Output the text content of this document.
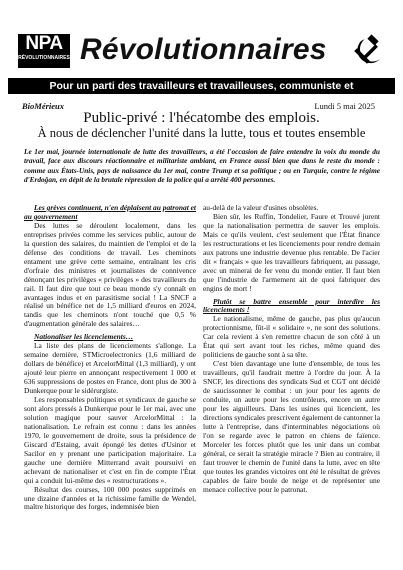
NPA
RÉVOLUTIONNAIRES Révolutionnaires
Pour un parti des travailleurs et travailleuses, communiste et internationaliste
BioMérieux	Lundi 5 mai 2025
Public-privé : l'hécatombe des emplois.
À nous de déclencher l'unité dans la lutte, tous et toutes ensemble
Le 1er mai, journée internationale de lutte des travailleurs, a été l'occasion de faire entendre la voix du monde du travail, face aux discours réactionnaire et militariste ambiant, en France aussi bien que dans le reste du monde : comme aux États-Unis, pays de naissance du 1er mai, contre Trump et sa politique ; ou en Turquie, contre le régime d'Erdoğan, en dépit de la brutale répression de la police qui a arrêté 400 personnes.

Les grèves continuent, n'en déplaisent au patronat et au gouvernement

Des luttes se déroulent localement, dans les entreprises privées comme les services public, autour de la question des salaires, du maintien de l'emploi et de la défense des conditions de travail. Les cheminots entament une grève cette semaine, entraînant les cris d'orfraie des ministres et journalistes de connivence dénonçant les privilèges « privilèges » des travailleurs du rail. Il faut dire que tout ce beau monde s'y connaît en avantages indus et en parasitisme social ! La SNCF a réalisé un bénéfice net de 1,5 milliard d'euros en 2024, tandis que les cheminots n'ont touché que 0,5 % d'augmentation générale des salaires…

Nationaliser les licenciements…

La liste des plans de licenciements s'allonge. La semaine dernière, STMicroelectronics (1,6 milliard de dollars de bénéfice) et ArcelorMittal (1,3 milliard), y ont ajouté leur pierre en annonçant respectivement 1 000 et 636 suppressions de postes en France, dont plus de 300 à Dunkerque pour le sidérurgiste.

Les responsables politiques et syndicaux de gauche se sont alors pressés à Dunkerque pour le 1er mai, avec une solution magique pour sauver ArcelorMittal : la nationalisation. Le refrain est connu : dans les années 1970, le gouvernement de droite, sous la présidence de Giscard d'Estaing, avait épongé les dettes d'Usinor et Sacilor en y prenant une participation majoritaire. La gauche une dernière Mitterrand avait poursuivi en achevant de nationaliser et c'est en fin de compte l'État qui a conduit lui-même des « restructurations ».

Résultat des courses, 100 000 postes supprimés en une dizaine d'années et la richissime famille de Wendel, maître historique des forges, indemnisée bien

au-delà de la valeur d'usines obsolètes.

Bien sûr, les Ruffin, Tondelier, Faure et Trouvé jurent que la nationalisation permettra de sauver les emplois. Mais ce qu'ils veulent, c'est seulement que l'État finance les restructurations et les licenciements pour rendre demain aux patrons une industrie devenue plus rentable. De l'acier dit « français » que les travailleurs fabriquent, au passage, avec un minerai de fer venu du monde entier. Il faut bien que l'industrie de l'armement ait de quoi fabriquer des engins de mort !

Plutôt se battre ensemble pour interdire les licenciements !

Le nationalisme, même de gauche, pas plus qu'aucun protectionnisme, fût-il « solidaire », ne sont des solutions. Car cela revient à s'en remettre chacun de son côté à un État qui sert avant tout les riches, même quand des politiciens de gauche sont à sa tête.

C'est bien davantage une lutte d'ensemble, de tous les travailleurs, qu'il faudrait mettre à l'ordre du jour. À la SNCF, les directions des syndicats Sud et CGT ont décidé de saucissonner le combat : un jour pour les agents de conduite, un autre pour les contrôleurs, encore un autre pour les aiguilleurs. Dans les usines qui licencient, les directions syndicales prescrivent également de cantonner la lutte à l'entreprise, dans d'interminables négociations où l'on se regarde avec le patron en chiens de faïence. Morceler les forces plutôt que les unir dans un combat général, ce serait la stratégie miracle ? Bien au contraire, il faut trouver le chemin de l'unité dans la lutte, avec en tête que toutes les grandes victoires ont été le résultat de grèves capables de faire boule de neige et de représenter une menace collective pour le patronat.
